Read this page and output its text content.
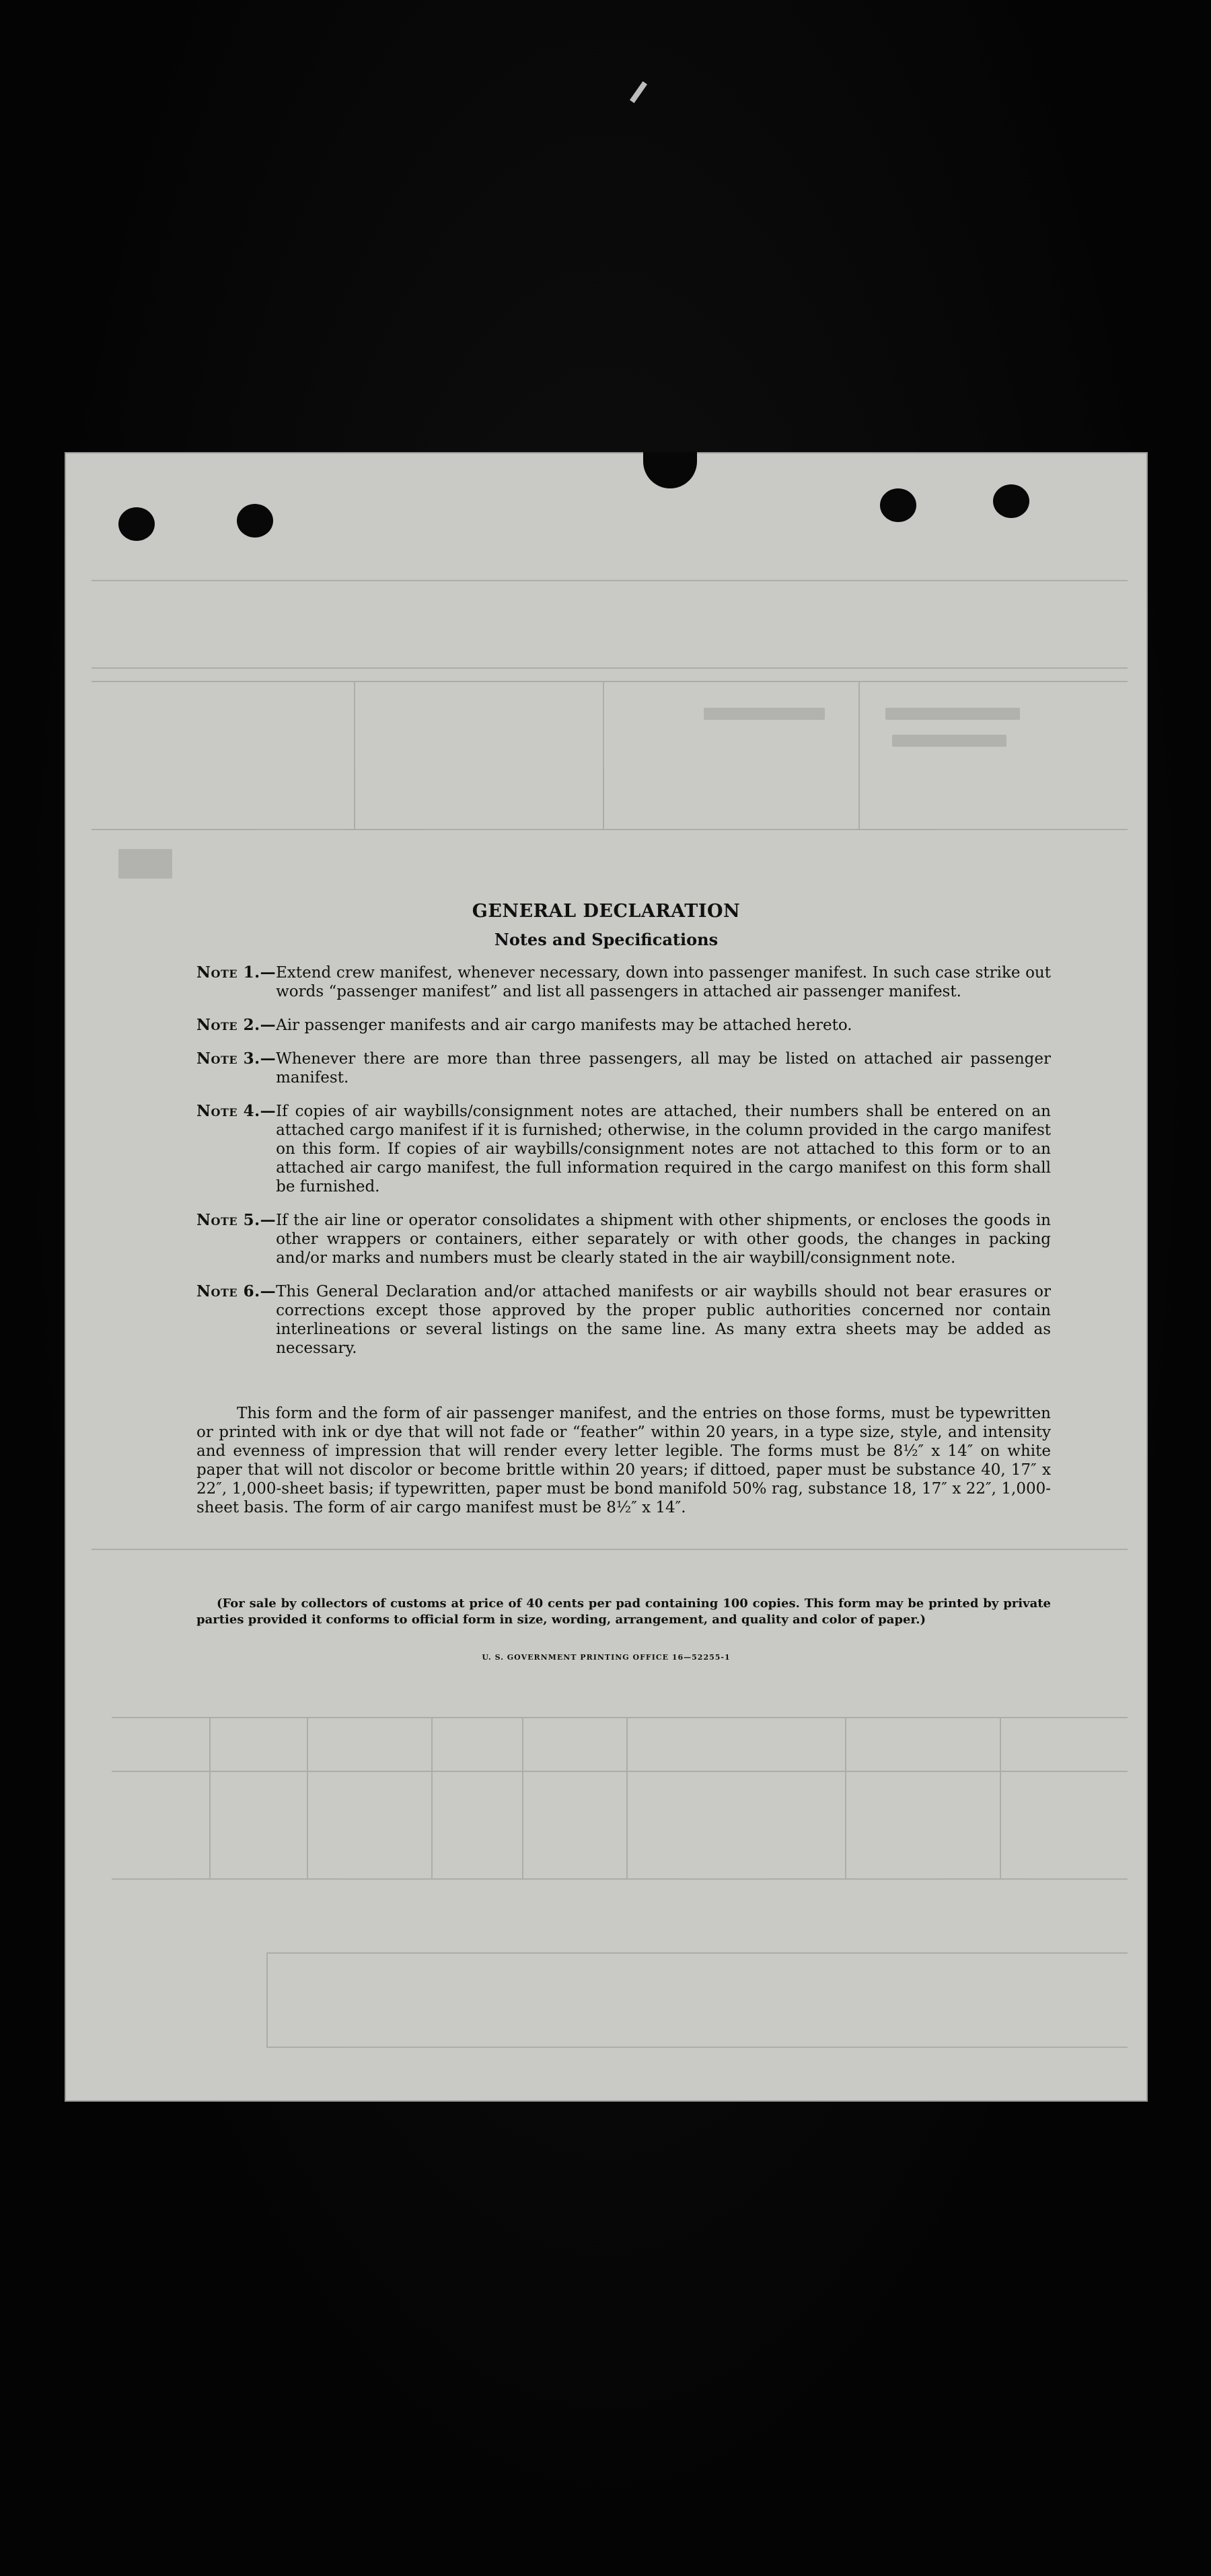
GENERAL DECLARATION
Notes and Specifications
Note 1. — Extend crew manifest, whenever necessary, down into passenger manifest. In such case strike out words “passenger manifest” and list all passengers in attached air passenger manifest.
Note 2. — Air passenger manifests and air cargo manifests may be attached hereto.
Note 3. — Whenever there are more than three passengers, all may be listed on attached air passenger manifest.
Note 4. — If copies of air waybills/consignment notes are attached, their numbers shall be entered on an attached cargo manifest if it is furnished; otherwise, in the column provided in the cargo manifest on this form. If copies of air waybills/consignment notes are not attached to this form or to an attached air cargo manifest, the full information required in the cargo manifest on this form shall be furnished.
Note 5. — If the air line or operator consolidates a shipment with other shipments, or encloses the goods in other wrappers or containers, either separately or with other goods, the changes in packing and/or marks and numbers must be clearly stated in the air waybill/consignment note.
Note 6. — This General Declaration and/or attached manifests or air waybills should not bear erasures or corrections except those approved by the proper public authorities concerned nor contain interlineations or several listings on the same line. As many extra sheets may be added as necessary.
This form and the form of air passenger manifest, and the entries on those forms, must be typewritten or printed with ink or dye that will not fade or “feather” within 20 years, in a type size, style, and intensity and evenness of impression that will render every letter legible. The forms must be 8½″ x 14″ on white paper that will not discolor or become brittle within 20 years; if dittoed, paper must be substance 40, 17″ x 22″, 1,000-sheet basis; if typewritten, paper must be bond manifold 50% rag, substance 18, 17″ x 22″, 1,000-sheet basis. The form of air cargo manifest must be 8½″ x 14″.
(For sale by collectors of customs at price of 40 cents per pad containing 100 copies. This form may be printed by private parties provided it conforms to official form in size, wording, arrangement, and quality and color of paper.)
U. S. GOVERNMENT PRINTING OFFICE 16—52255-1
